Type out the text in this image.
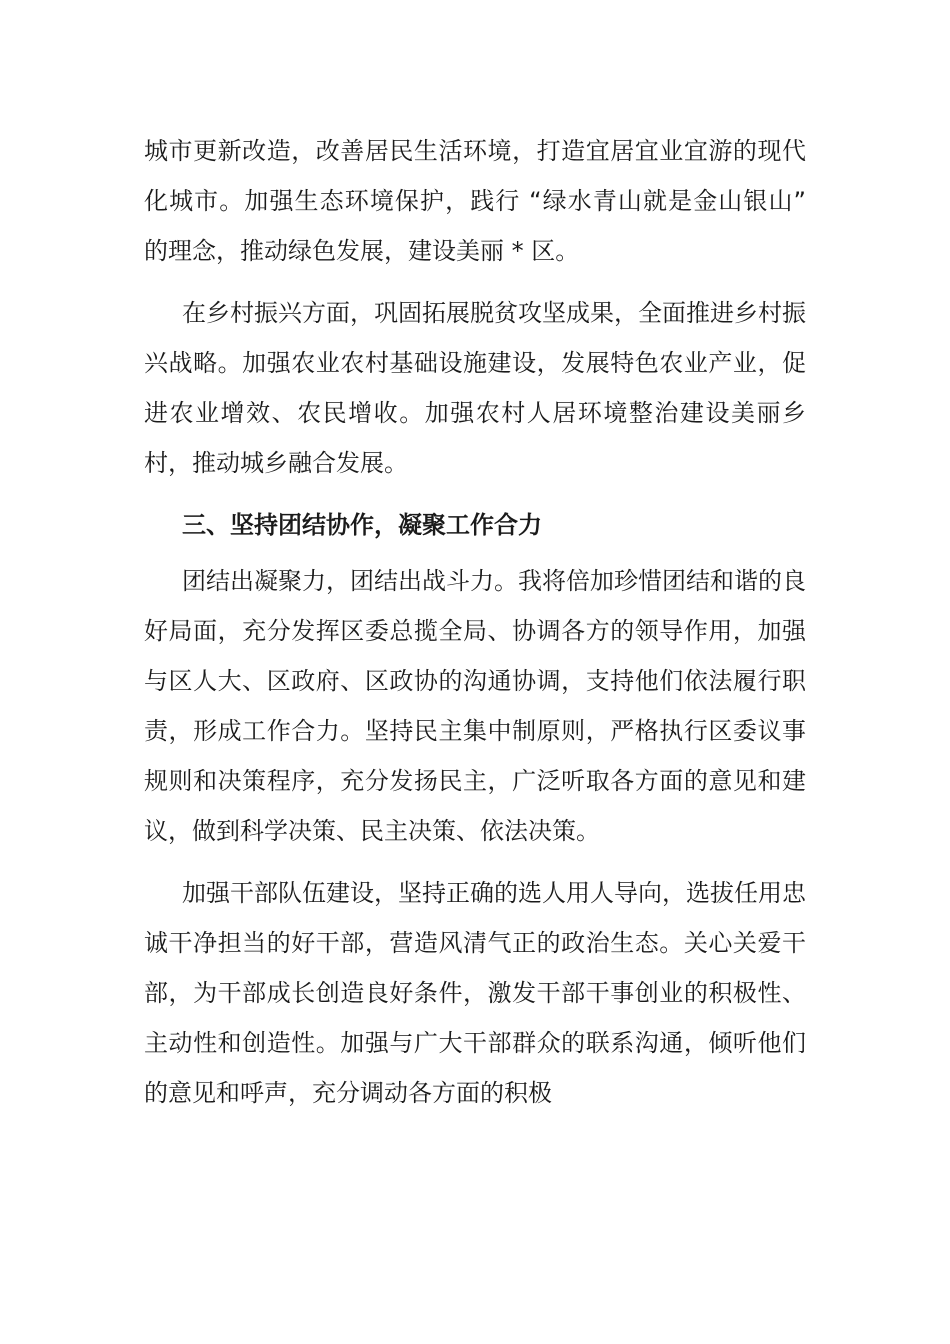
城市更新改造，改善居民生活环境，打造宜居宜业宜游的现代化城市。加强生态环境保护，践行 “绿水青山就是金山银山” 的理念，推动绿色发展，建设美丽 * 区。

在乡村振兴方面，巩固拓展脱贫攻坚成果，全面推进乡村振兴战略。加强农业农村基础设施建设，发展特色农业产业，促进农业增效、农民增收。加强农村人居环境整治建设美丽乡村，推动城乡融合发展。

三、坚持团结协作，凝聚工作合力

团结出凝聚力，团结出战斗力。我将倍加珍惜团结和谐的良好局面，充分发挥区委总揽全局、协调各方的领导作用，加强与区人大、区政府、区政协的沟通协调，支持他们依法履行职责，形成工作合力。坚持民主集中制原则，严格执行区委议事规则和决策程序，充分发扬民主，广泛听取各方面的意见和建议，做到科学决策、民主决策、依法决策。

加强干部队伍建设，坚持正确的选人用人导向，选拔任用忠诚干净担当的好干部，营造风清气正的政治生态。关心关爱干部，为干部成长创造良好条件，激发干部干事创业的积极性、主动性和创造性。加强与广大干部群众的联系沟通，倾听他们的意见和呼声，充分调动各方面的积极
